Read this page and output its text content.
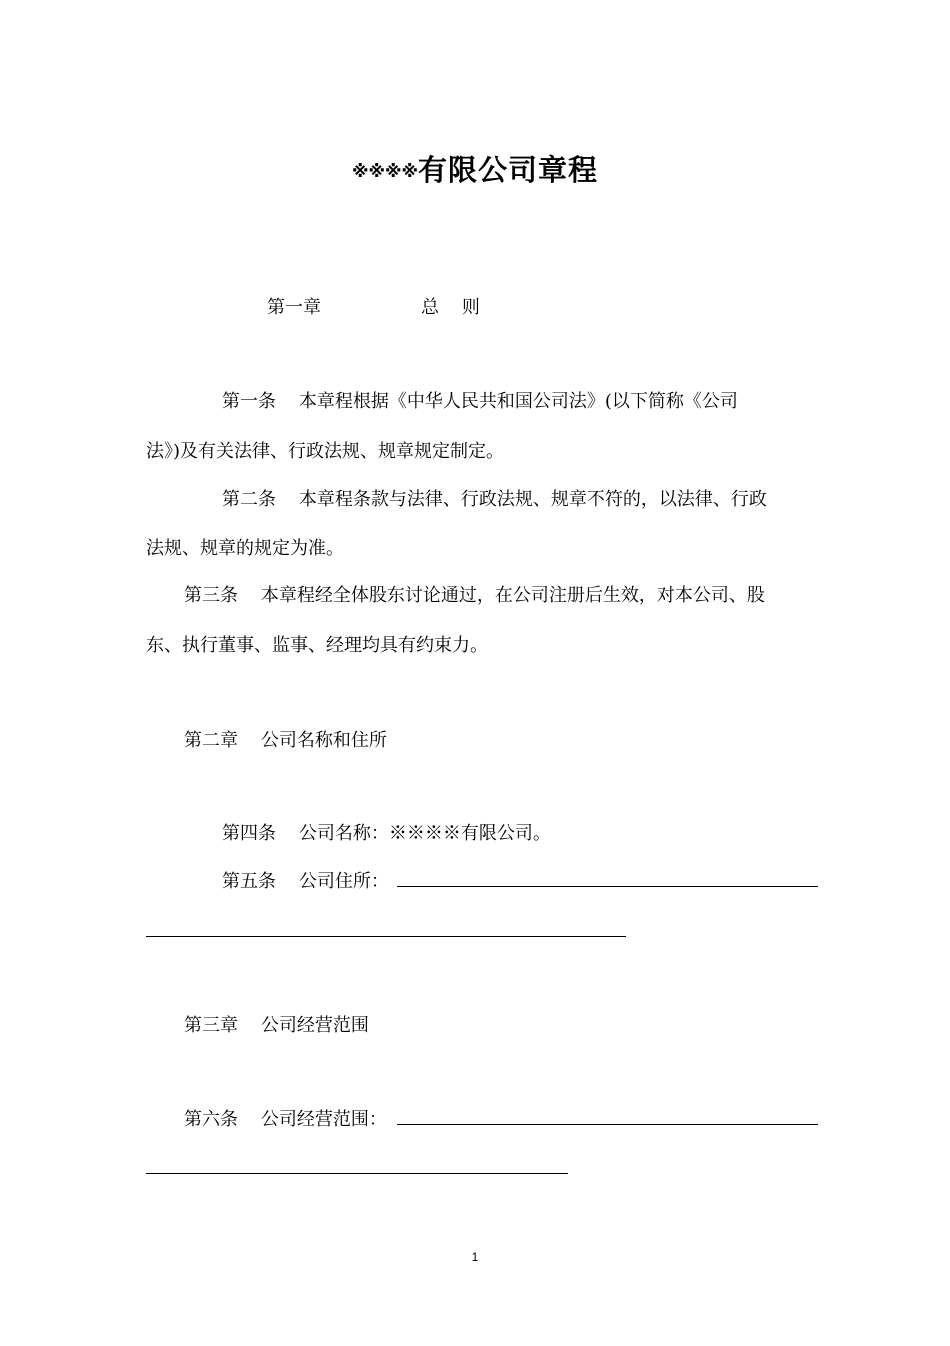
※※※※有限公司章程
第一章	总    则
第一条    本章程根据《中华人民共和国公司法》(以下简称《公司
法》)及有关法律、行政法规、规章规定制定。
第二条    本章程条款与法律、行政法规、规章不符的，以法律、行政
法规、规章的规定为准。
第三条    本章程经全体股东讨论通过，在公司注册后生效，对本公司、股
东、执行董事、监事、经理均具有约束力。
第二章    公司名称和住所
第四条    公司名称：※※※※有限公司。
第五条    公司住所：
第三章    公司经营范围
第六条    公司经营范围：
1
